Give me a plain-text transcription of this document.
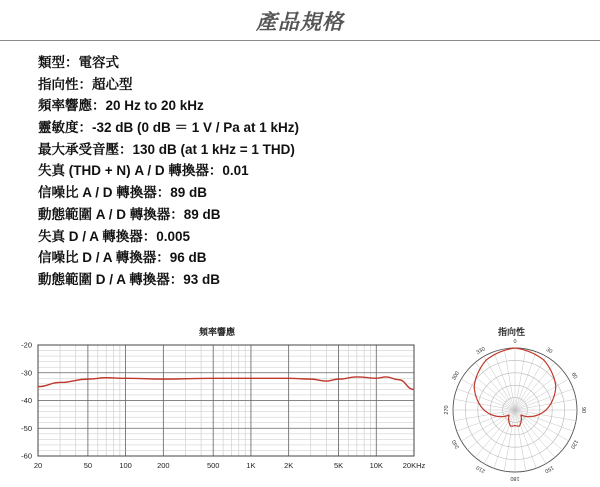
產品規格
類型：電容式
指向性：超心型
頻率響應：20 Hz to 20 kHz
靈敏度：-32 dB (0 dB ＝ 1 V / Pa at 1 kHz)
最大承受音壓：130 dB (at 1 kHz = 1 THD)
失真 (THD + N) A / D 轉換器：0.01
信噪比 A / D 轉換器：89 dB
動態範圍 A / D 轉換器：89 dB
失真 D / A 轉換器：0.005
信噪比 D / A 轉換器：96 dB
動態範圍 D / A 轉換器：93 dB
頻率響應	指向性
20	50	100	200	500	1K	2K	5K	10K	20KHz
-20
-30
-40
-50
-60
0
30
60
90
120
150
180
210
240
270
300
330
